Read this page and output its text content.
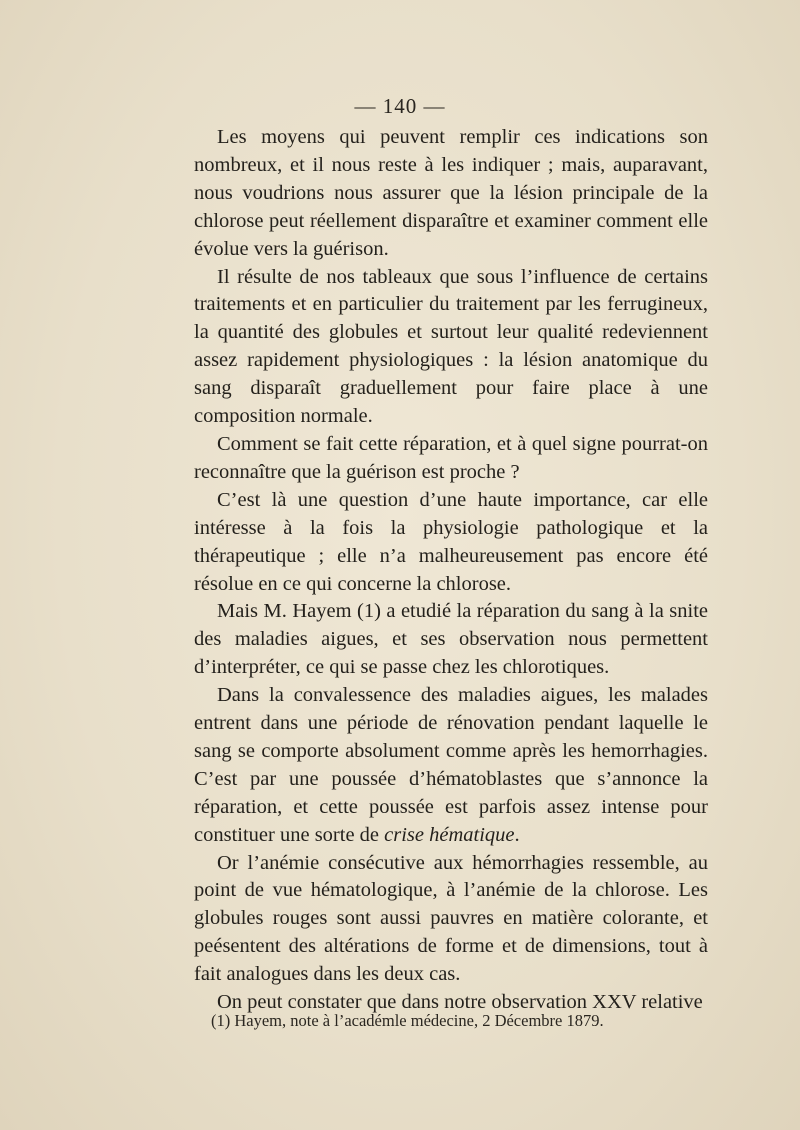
— 140 —

Les moyens qui peuvent remplir ces indications son nombreux, et il nous reste à les indiquer ; mais, auparavant, nous voudrions nous assurer que la lésion principale de la chlorose peut réellement disparaître et examiner comment elle évolue vers la guérison.

Il résulte de nos tableaux que sous l’influence de certains traitements et en particulier du traitement par les ferrugineux, la quantité des globules et surtout leur qualité redeviennent assez rapidement physiologiques : la lésion anatomique du sang disparaît graduellement pour faire place à une composition normale.

Comment se fait cette réparation, et à quel signe pourrat-on reconnaître que la guérison est proche ?

C’est là une question d’une haute importance, car elle intéresse à la fois la physiologie pathologique et la thérapeutique ; elle n’a malheureusement pas encore été résolue en ce qui concerne la chlorose.

Mais M. Hayem (1) a etudié la réparation du sang à la snite des maladies aigues, et ses observation nous permettent d’interpréter, ce qui se passe chez les chlorotiques.

Dans la convalessence des maladies aigues, les malades entrent dans une période de rénovation pendant laquelle le sang se comporte absolument comme après les hemorrhagies. C’est par une poussée d’hématoblastes que s’annonce la réparation, et cette poussée est parfois assez intense pour constituer une sorte de crise hématique.

Or l’anémie consécutive aux hémorrhagies ressemble, au point de vue hématologique, à l’anémie de la chlorose. Les globules rouges sont aussi pauvres en matière colorante, et peésentent des altérations de forme et de dimensions, tout à fait analogues dans les deux cas.

On peut constater que dans notre observation XXV relative

(1) Hayem, note à l’académle médecine, 2 Décembre 1879.
